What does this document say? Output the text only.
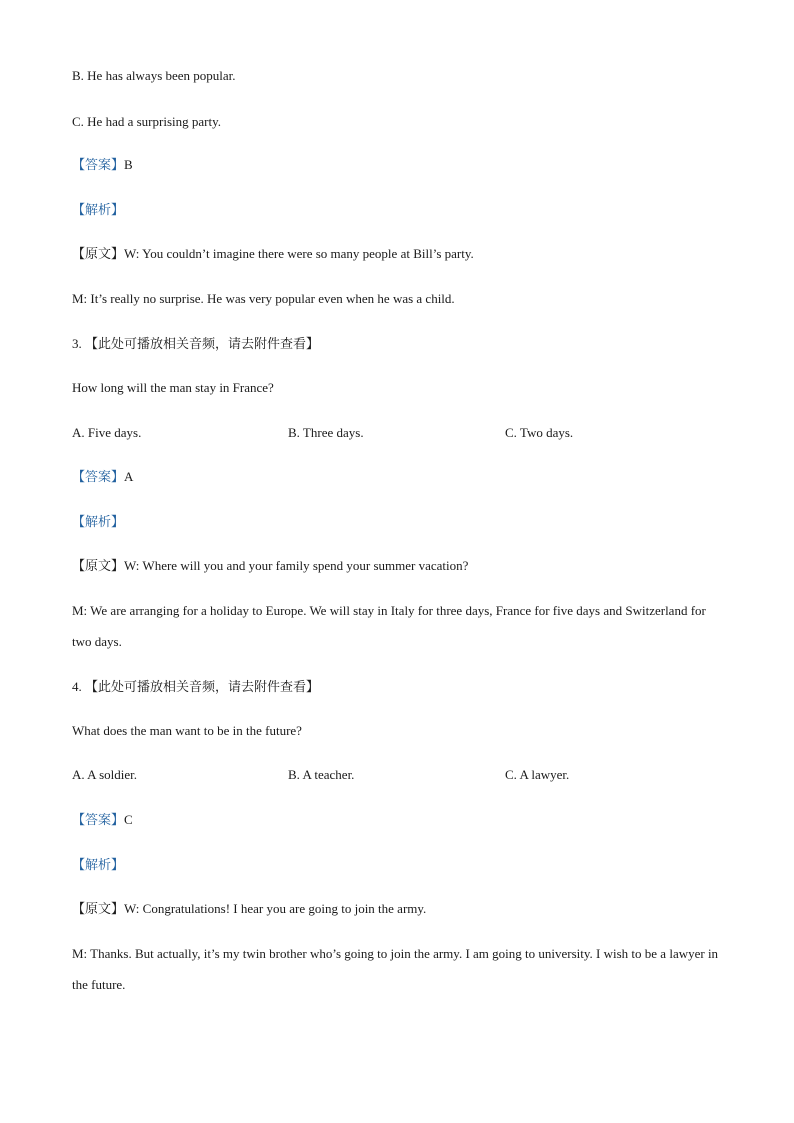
B. He has always been popular.
C. He had a surprising party.
【答案】B
【解析】
【原文】W: You couldn’t imagine there were so many people at Bill’s party.
M: It’s really no surprise. He was very popular even when he was a child.
3. 【此处可播放相关音频，请去附件查看】
How long will the man stay in France?
A. Five days.	B. Three days.	C. Two days.
【答案】A
【解析】
【原文】W: Where will you and your family spend your summer vacation?
M: We are arranging for a holiday to Europe. We will stay in Italy for three days, France for five days and Switzerland for two days.
4. 【此处可播放相关音频，请去附件查看】
What does the man want to be in the future?
A. A soldier.	B. A teacher.	C. A lawyer.
【答案】C
【解析】
【原文】W: Congratulations! I hear you are going to join the army.
M: Thanks. But actually, it’s my twin brother who’s going to join the army. I am going to university. I wish to be a lawyer in the future.
